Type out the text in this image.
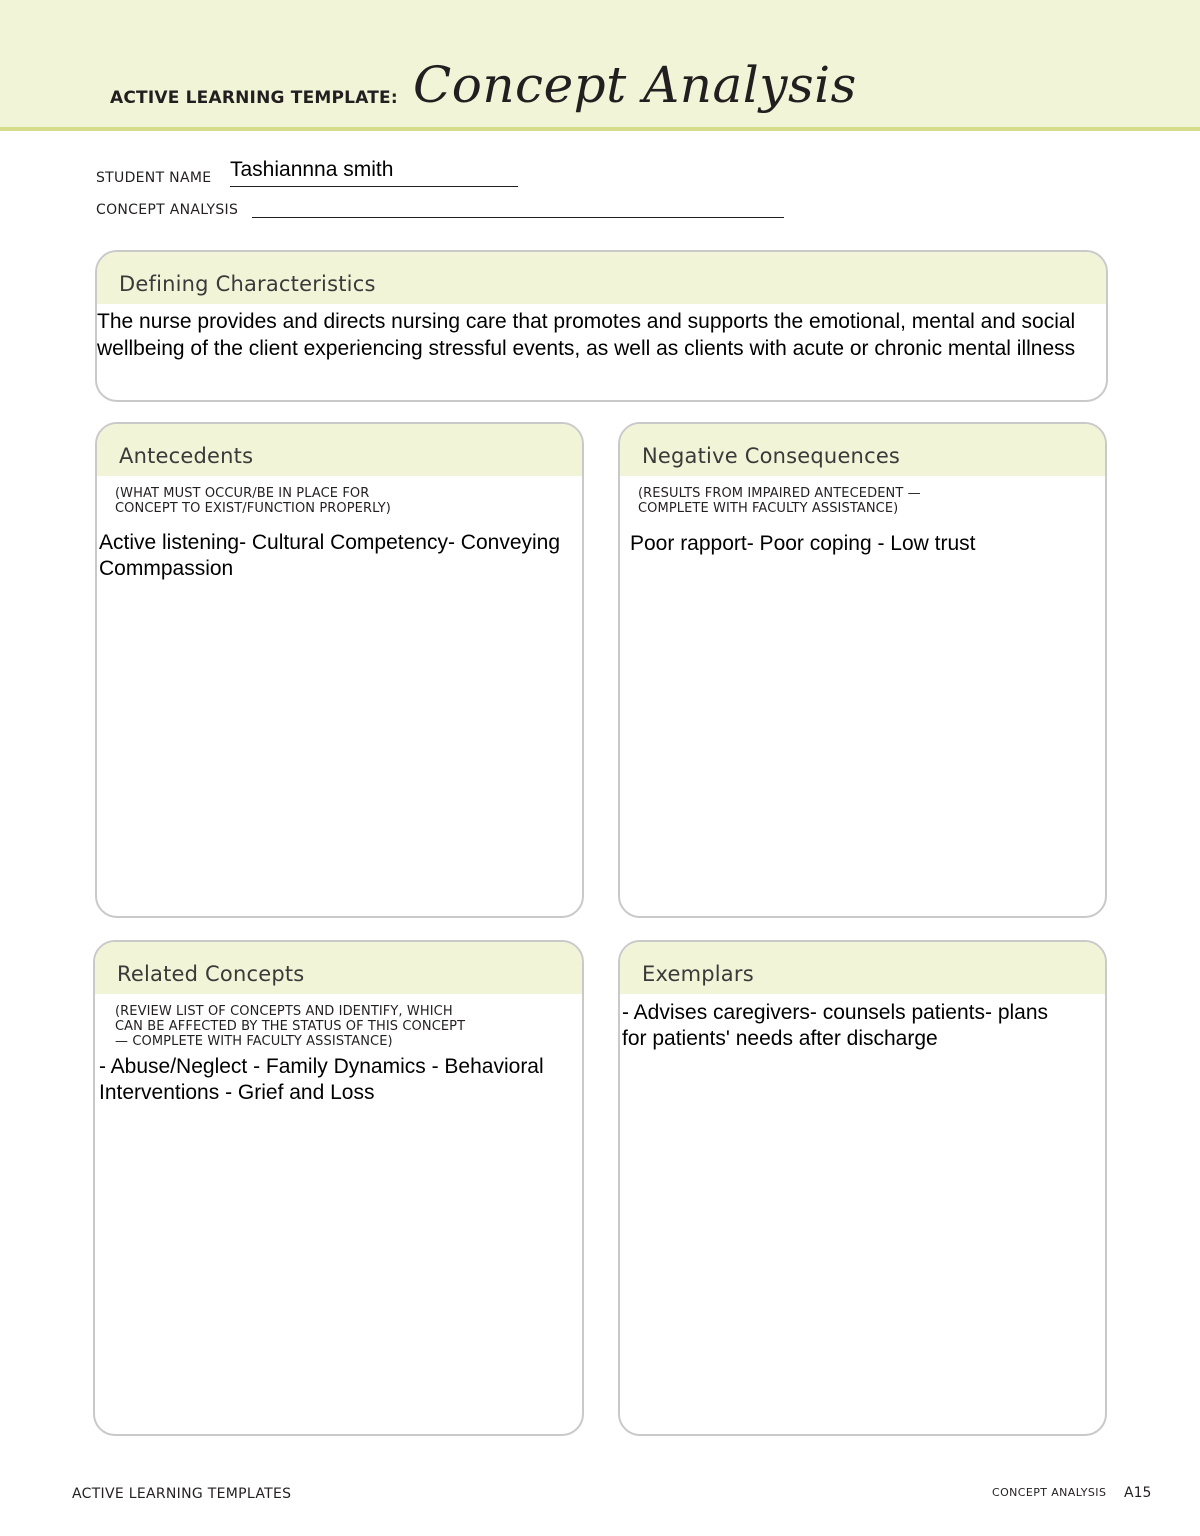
ACTIVE LEARNING TEMPLATE: Concept Analysis
STUDENT NAME Tashiannna smith
CONCEPT ANALYSIS
Defining Characteristics
The nurse provides and directs nursing care that promotes and supports the emotional, mental and social wellbeing of the client experiencing stressful events, as well as clients with acute or chronic mental illness
Antecedents
(WHAT MUST OCCUR/BE IN PLACE FOR
CONCEPT TO EXIST/FUNCTION PROPERLY)
Active listening- Cultural Competency- Conveying Commpassion
Negative Consequences
(RESULTS FROM IMPAIRED ANTECEDENT —
COMPLETE WITH FACULTY ASSISTANCE)
Poor rapport- Poor coping - Low trust
Related Concepts
(REVIEW LIST OF CONCEPTS AND IDENTIFY, WHICH
CAN BE AFFECTED BY THE STATUS OF THIS CONCEPT
— COMPLETE WITH FACULTY ASSISTANCE)
- Abuse/Neglect - Family Dynamics - Behavioral Interventions - Grief and Loss
Exemplars
- Advises caregivers- counsels patients- plans for patients' needs after discharge
ACTIVE LEARNING TEMPLATES	CONCEPT ANALYSIS A15
